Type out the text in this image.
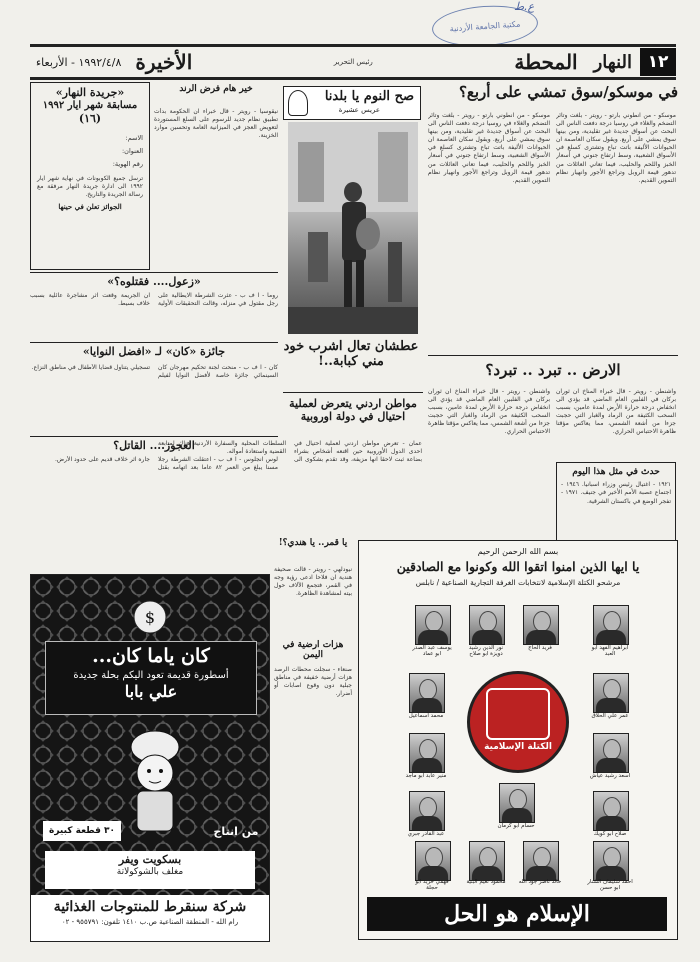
مكتبة الجامعة الأردنية
ع.ط
١٢
النهار
المحطة
رئيس التحرير
الأخيرة
١٩٩٢/٤/٨ - الأربعاء
في موسكو/سوق تمشي على أربع؟
موسكو - من انطوني بارتو - رويتر - بلغت وتائر التضخم والغلاء في روسيا درجة دفعت الناس الى البحث عن أسواق جديدة غير تقليدية، ومن بينها سوق يمشي على أربع. ويقول سكان العاصمة ان الحيوانات الأليفة باتت تباع وتشترى كسلع في الأسواق الشعبية، وسط ارتفاع جنوني في أسعار الخبز واللحم والحليب، فيما تعاني العائلات من تدهور قيمة الروبل وتراجع الأجور وانهيار نظام التموين القديم.
موسكو - من انطوني بارتو - رويتر - بلغت وتائر التضخم والغلاء في روسيا درجة دفعت الناس الى البحث عن أسواق جديدة غير تقليدية، ومن بينها سوق يمشي على أربع. ويقول سكان العاصمة ان الحيوانات الأليفة باتت تباع وتشترى كسلع في الأسواق الشعبية، وسط ارتفاع جنوني في أسعار الخبز واللحم والحليب، فيما تعاني العائلات من تدهور قيمة الروبل وتراجع الأجور وانهيار نظام التموين القديم.
الارض .. تبرد .. تبرد؟
واشنطن - رويتر - قال خبراء المناخ ان ثوران بركان في الفلبين العام الماضي قد يؤدي الى انخفاض درجة حرارة الأرض لمدة عامين، بسبب السحب الكثيفة من الرماد والغبار التي حجبت جزءا من أشعة الشمس، مما يعاكس مؤقتا ظاهرة الاحتباس الحراري.
واشنطن - رويتر - قال خبراء المناخ ان ثوران بركان في الفلبين العام الماضي قد يؤدي الى انخفاض درجة حرارة الأرض لمدة عامين، بسبب السحب الكثيفة من الرماد والغبار التي حجبت جزءا من أشعة الشمس، مما يعاكس مؤقتا ظاهرة الاحتباس الحراري.
حدث في مثل هذا اليوم
١٩٢١ - اغتيال رئيس وزراء اسبانيا. ١٩٤٦ - اجتماع عصبة الأمم الأخير في جنيف. ١٩٧١ - تفجر الوضع في باكستان الشرقية.
صح النوم يا بلدنا
عريس عشيرة
عطشان تعال اشرب خود مني كبابة..!
مواطن اردني يتعرض لعملية احتيال في دولة اوروبية
عمان - تعرض مواطن اردني لعملية احتيال في احدى الدول الأوروبية حين اقنعه أشخاص بشراء بضاعة ثبت لاحقا انها مزيفة، وقد تقدم بشكوى الى السلطات المحلية والسفارة الأردنية هناك لمتابعة القضية واستعادة أمواله.
«جريدة النهار»
مسابقة شهر ايار ١٩٩٢
(١٦)
الاسم:
العنوان:
رقم الهوية:
ترسل جميع الكوبونات في نهاية شهر ايار ١٩٩٢ الى ادارة جريدة النهار مرفقة مع رسالة الجريدة والتاريخ.
الجوائز تعلن في حينها
خير هام فرض الرند
نيقوسيا - رويتر - قال خبراء ان الحكومة بدأت تطبيق نظام جديد للرسوم على السلع المستوردة لتعويض العجز في الميزانية العامة وتحسين موارد الخزينة.
«زعول.... فقتلوه؟»
روما - ا ف ب - عثرت الشرطة الايطالية على رجل مقتول في منزله، وقالت التحقيقات الأولية ان الجريمة وقعت اثر مشاجرة عائلية بسبب خلاف بسيط.
جائزة «كان» لـ «افضل النوايا»
كان - ا ف ب - منحت لجنة تحكيم مهرجان كان السينمائي جائزة خاصة لأفضل النوايا لفيلم تسجيلي يتناول قضايا الأطفال في مناطق النزاع.
العجوز.... القاتل؟
لوس انجلوس - ا ف ب - اعتقلت الشرطة رجلا مسنا يبلغ من العمر ٨٢ عاما بعد اتهامه بقتل جاره اثر خلاف قديم على حدود الأرض.
$
كان ياما كان...
أسطورة قديمة تعود اليكم بحلة جديدة
علي بابا
٣٠ قطعة كبيرة
بسكويت ويفر
مغلف بالشوكولاتة
من انتاج
شركة سنقرط للمنتوجات الغذائية
رام الله - المنطقة الصناعية ص.ب ١٤١٠ تلفون: ٩٥٥٧٩١ - ٠٢
يا قمر.. يا هندي؟!
نيودلهي - رويتر - قالت صحيفة هندية ان فلاحا ادعى رؤية وجه في القمر، فتجمع الآلاف حول بيته لمشاهدة الظاهرة.
هزات ارضية في اليمن
صنعاء - سجلت محطات الرصد هزات أرضية خفيفة في مناطق جبلية دون وقوع اصابات أو أضرار.
بسم الله الرحمن الرحيم
يا ايها الذين امنوا اتقوا الله وكونوا مع الصادقين
مرشحو الكتلة الإسلامية لانتخابات الغرفة التجارية الصناعية / نابلس
ابراهيم الفهد ابو العبد
فريد الحاج
نور الدين رشيد دويزة ابو صلاح
يوسف عبد الصدر ابو عماد
الكتلة الإسلامية
عمر علي الحلاق
اسعد رشيد عياش
محمد اسماعيل
منير عابد ابو ماجد
صلاح ابو كويك
حسام ابو كرمان
عبد القادر جبري
احمد سليمان الشنار ابو حسن
خالد ناصر جود الله
محمود نعيم البنية
فهمي خريد ابو حجلة
الإسلام هو الحل
